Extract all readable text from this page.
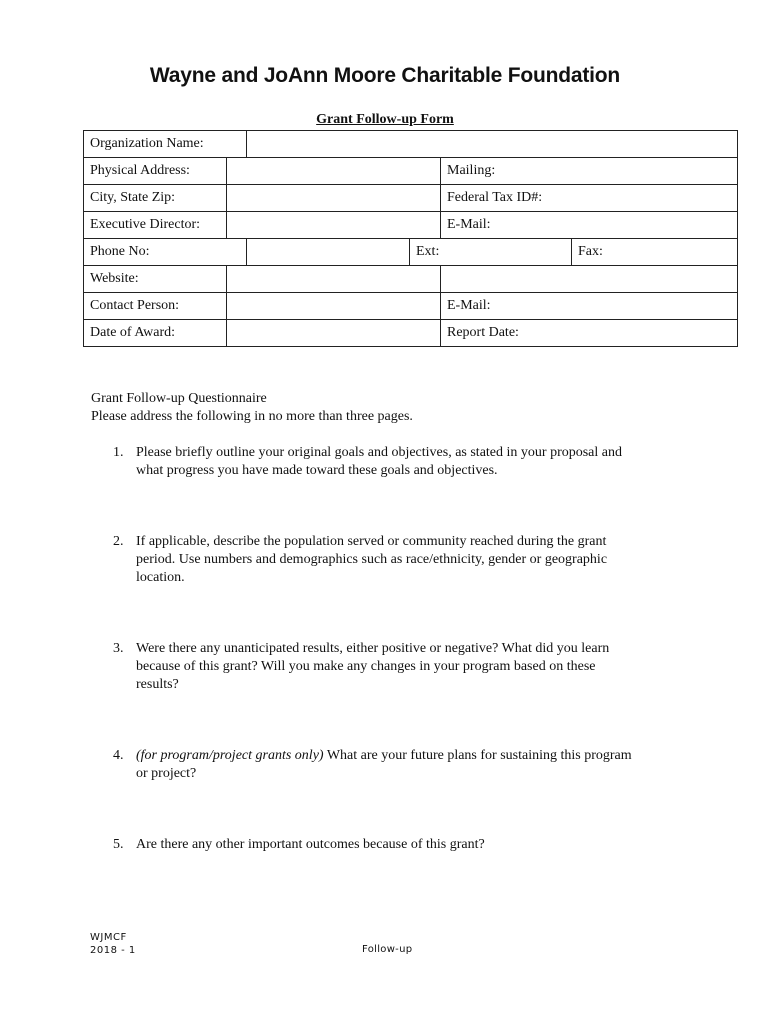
Wayne and JoAnn Moore Charitable Foundation
Grant Follow-up Form
Organization Name:					
Physical Address:				Mailing:	
City, State Zip:				Federal Tax ID#:	
Executive Director:				E-Mail:	
Phone No:			Ext:		Fax:
Website:					
Contact Person:				E-Mail:	
Date of Award:				Report Date:	
Grant Follow-up Questionnaire
Please address the following in no more than three pages.
1. Please briefly outline your original goals and objectives, as stated in your proposal and
what progress you have made toward these goals and objectives.
2. If applicable, describe the population served or community reached during the grant
period. Use numbers and demographics such as race/ethnicity, gender or geographic
location.
3. Were there any unanticipated results, either positive or negative? What did you learn
because of this grant? Will you make any changes in your program based on these
results?
4. (for program/project grants only) What are your future plans for sustaining this program
or project?
5. Are there any other important outcomes because of this grant?
WJMCF
2018 - 1	Follow-up
